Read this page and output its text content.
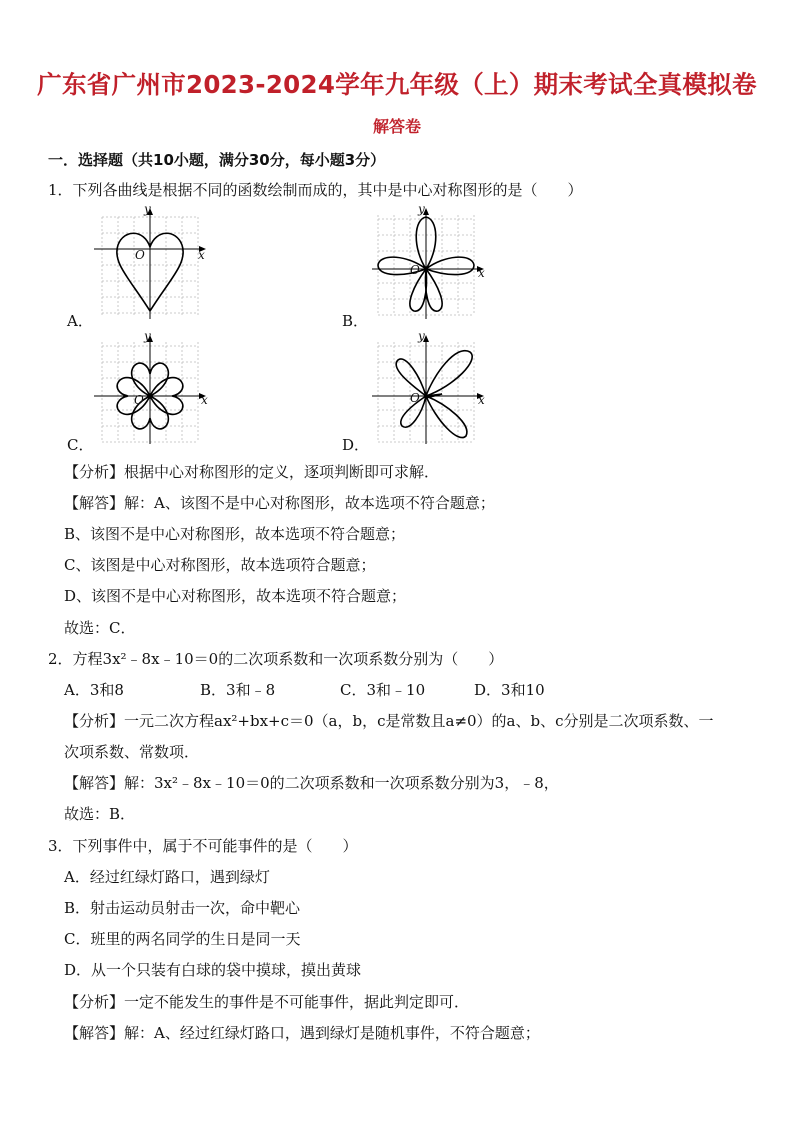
广东省广州市2023-2024学年九年级（上）期末考试全真模拟卷
解答卷
一．选择题（共10小题，满分30分，每小题3分）
1．下列各曲线是根据不同的函数绘制而成的，其中是中心对称图形的是（　　）
O	x
y
A．
O	x
y
B．
O	x
y
C．
O	x
y
D．
【分析】根据中心对称图形的定义，逐项判断即可求解．
【解答】解：A、该图不是中心对称图形，故本选项不符合题意；
B、该图不是中心对称图形，故本选项不符合题意；
C、该图是中心对称图形，故本选项符合题意；
D、该图不是中心对称图形，故本选项不符合题意；
故选：C．
2．方程3x²﹣8x﹣10＝0的二次项系数和一次项系数分别为（　　）
A．3和8	B．3和﹣8	C．3和﹣10	D．3和10
【分析】一元二次方程ax²+bx+c＝0（a，b，c是常数且a≠0）的a、b、c分别是二次项系数、一
次项系数、常数项．
【解答】解：3x²﹣8x﹣10＝0的二次项系数和一次项系数分别为3，﹣8，
故选：B．
3．下列事件中，属于不可能事件的是（　　）
A．经过红绿灯路口，遇到绿灯
B．射击运动员射击一次，命中靶心
C．班里的两名同学的生日是同一天
D．从一个只装有白球的袋中摸球，摸出黄球
【分析】一定不能发生的事件是不可能事件，据此判定即可．
【解答】解：A、经过红绿灯路口，遇到绿灯是随机事件，不符合题意；
